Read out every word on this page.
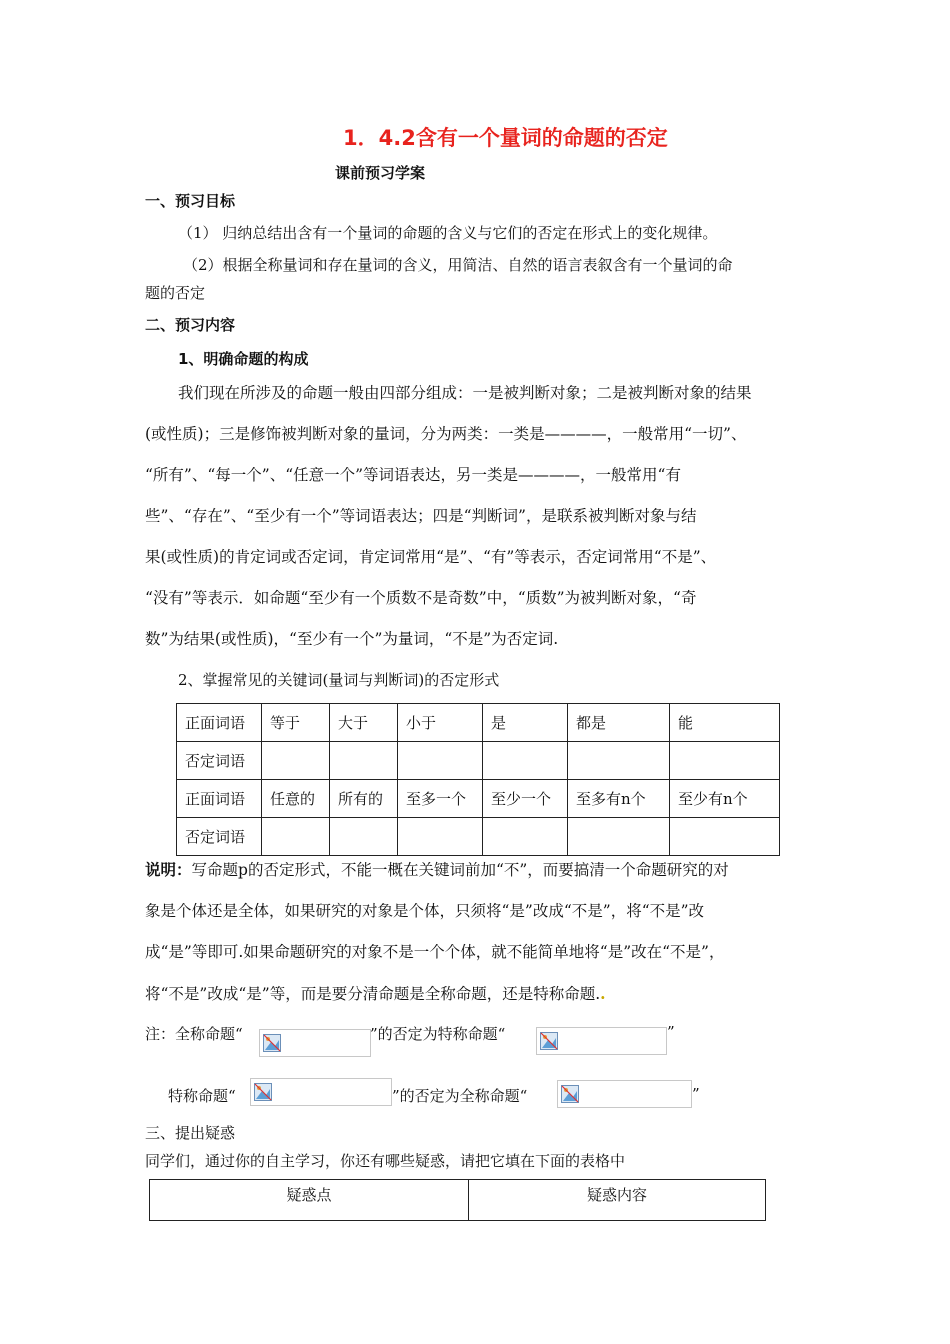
1．4.2含有一个量词的命题的否定
课前预习学案
一、预习目标
（1） 归纳总结出含有一个量词的命题的含义与它们的否定在形式上的变化规律。
（2）根据全称量词和存在量词的含义，用简洁、自然的语言表叙含有一个量词的命
题的否定
二、预习内容
1、明确命题的构成

我们现在所涉及的命题一般由四部分组成：一是被判断对象；二是被判断对象的结果

(或性质)；三是修饰被判断对象的量词，分为两类：一类是————，一般常用“一切”、

“所有”、“每一个”、“任意一个”等词语表达，另一类是————，一般常用“有

些”、“存在”、“至少有一个”等词语表达；四是“判断词”，是联系被判断对象与结

果(或性质)的肯定词或否定词，肯定词常用“是”、“有”等表示，否定词常用“不是”、

“没有”等表示．如命题“至少有一个质数不是奇数”中，“质数”为被判断对象，“奇

数”为结果(或性质)，“至少有一个”为量词，“不是”为否定词.

2、掌握常见的关键词(量词与判断词)的否定形式
正面词语	等于	大于	小于	是	都是	能
否定词语						
正面词语	任意的	所有的	至多一个	至少一个	至多有n个	至少有n个
否定词语						

说明：写命题p的否定形式，不能一概在关键词前加“不”，而要搞清一个命题研究的对

象是个体还是全体，如果研究的对象是个体，只须将“是”改成“不是”，将“不是”改

成“是”等即可.如果命题研究的对象不是一个个体，就不能简单地将“是”改在“不是”，

将“不是”改成“是”等，而是要分清命题是全称命题，还是特称命题..

注：全称命题“	”的否定为特称命题“	”
特称命题“	”的否定为全称命题“	”
三、提出疑惑
同学们，通过你的自主学习，你还有哪些疑惑，请把它填在下面的表格中
疑惑点	疑惑内容
